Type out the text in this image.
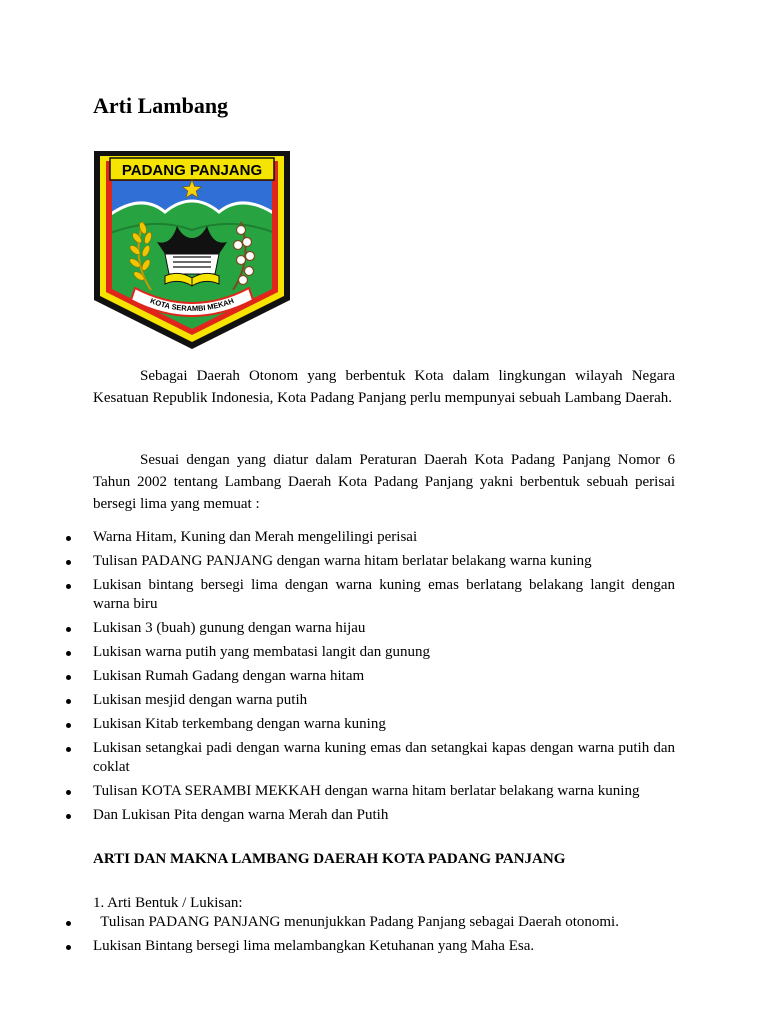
Arti Lambang
PADANG PANJANG
KOTA SERAMBI MEKAH

Sebagai Daerah Otonom yang berbentuk Kota dalam lingkungan wilayah Negara Kesatuan Republik Indonesia, Kota Padang Panjang perlu mempunyai sebuah Lambang Daerah.

Sesuai dengan yang diatur dalam Peraturan Daerah Kota Padang Panjang Nomor 6 Tahun 2002 tentang Lambang Daerah Kota Padang Panjang yakni berbentuk sebuah perisai bersegi lima yang memuat :

Warna Hitam, Kuning dan Merah mengelilingi perisai
Tulisan PADANG PANJANG dengan warna hitam berlatar belakang warna kuning
Lukisan bintang bersegi lima dengan warna kuning emas berlatang belakang langit dengan warna biru
Lukisan 3 (buah) gunung dengan warna hijau
Lukisan warna putih yang membatasi langit dan gunung
Lukisan Rumah Gadang dengan warna hitam
Lukisan mesjid dengan warna putih
Lukisan Kitab terkembang dengan warna kuning
Lukisan setangkai padi dengan warna kuning emas dan setangkai kapas dengan warna putih dan coklat
Tulisan KOTA SERAMBI MEKKAH dengan warna hitam berlatar belakang warna kuning
Dan Lukisan Pita dengan warna Merah dan Putih
ARTI DAN MAKNA LAMBANG DAERAH KOTA PADANG PANJANG

1. Arti Bentuk / Lukisan:

Tulisan PADANG PANJANG menunjukkan Padang Panjang sebagai Daerah otonomi.
Lukisan Bintang bersegi lima melambangkan Ketuhanan yang Maha Esa.
